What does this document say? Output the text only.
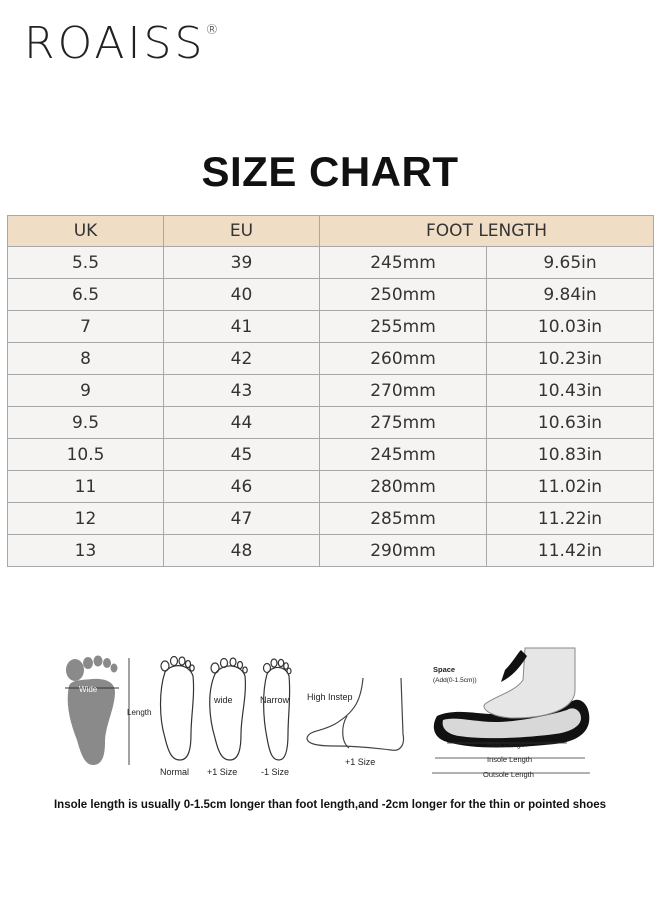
ROAISS®
SIZE CHART
UK	EU	FOOT LENGTH	
5.5	39	245mm	9.65in
6.5	40	250mm	9.84in
7	41	255mm	10.03in
8	42	260mm	10.23in
9	43	270mm	10.43in
9.5	44	275mm	10.63in
10.5	45	245mm	10.83in
11	46	280mm	11.02in
12	47	285mm	11.22in
13	48	290mm	11.42in
Wide
Length
wide	Narrow
Normal +1 Size	-1 Size
High Instep
+1 Size
Space
(Add(0-1.5cm))
Foot Length
Insole Length
Outsole Length
Insole length is usually 0-1.5cm longer than foot length,and -2cm longer for the thin or pointed shoes
